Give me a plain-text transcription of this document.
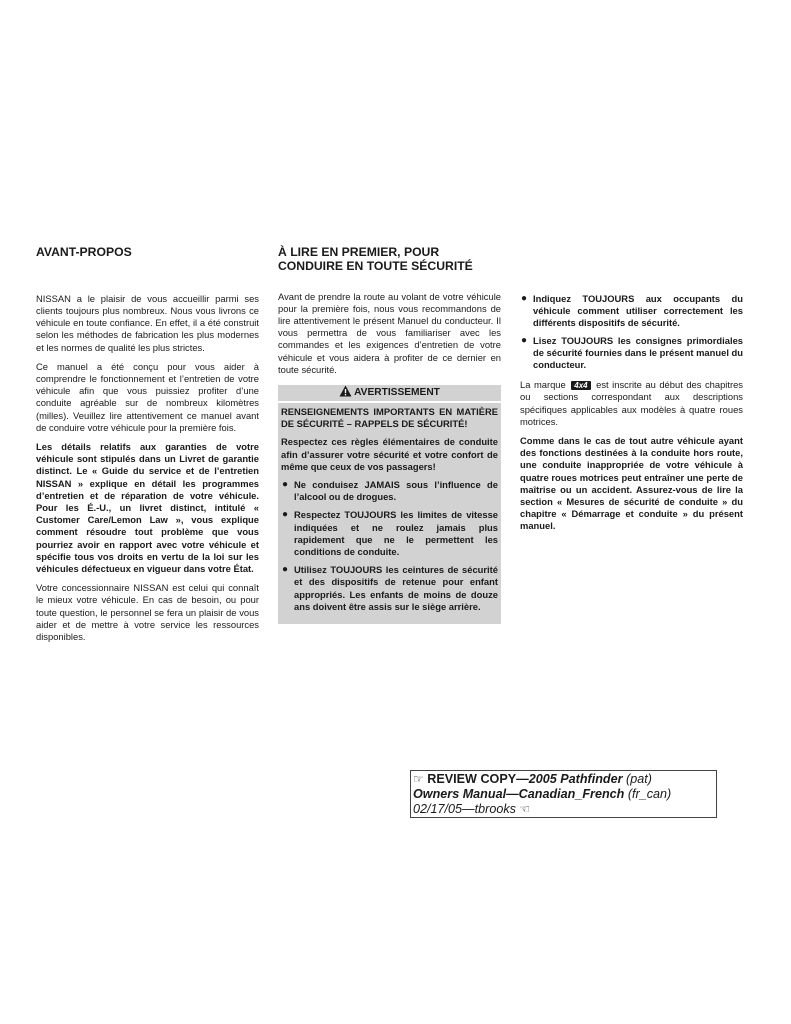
AVANT-PROPOS

NISSAN a le plaisir de vous accueillir parmi ses clients toujours plus nombreux. Nous vous livrons ce véhicule en toute confiance. En effet, il a été construit selon les méthodes de fabrication les plus modernes et les normes de qualité les plus strictes.

Ce manuel a été conçu pour vous aider à comprendre le fonctionnement et l’entretien de votre véhicule afin que vous puissiez profiter d’une conduite agréable sur de nombreux kilomètres (milles). Veuillez lire attentivement ce manuel avant de conduire votre véhicule pour la première fois.

Les détails relatifs aux garanties de votre véhicule sont stipulés dans un Livret de garantie distinct. Le « Guide du service et de l’entretien NISSAN » explique en détail les programmes d’entretien et de réparation de votre véhicule. Pour les É.-U., un livret distinct, intitulé « Customer Care/Lemon Law », vous explique comment résoudre tout problème que vous pourriez avoir en rapport avec votre véhicule et spécifie tous vos droits en vertu de la loi sur les véhicules défectueux en vigueur dans votre État.

Votre concessionnaire NISSAN est celui qui connaît le mieux votre véhicule. En cas de besoin, ou pour toute question, le personnel se fera un plaisir de vous aider et de mettre à votre service les ressources disponibles.

À LIRE EN PREMIER, POUR CONDUIRE EN TOUTE SÉCURITÉ

Avant de prendre la route au volant de votre véhicule pour la première fois, nous vous recommandons de lire attentivement le présent Manuel du conducteur. Il vous permettra de vous familiariser avec les commandes et les exigences d’entretien de votre véhicule et vous aidera à profiter de ce dernier en toute sécurité.

AVERTISSEMENT

RENSEIGNEMENTS IMPORTANTS EN MATIÈRE DE SÉCURITÉ – RAPPELS DE SÉCURITÉ!

Respectez ces règles élémentaires de conduite afin d’assurer votre sécurité et votre confort de même que ceux de vos passagers!

● Ne conduisez JAMAIS sous l’influence de l’alcool ou de drogues.
● Respectez TOUJOURS les limites de vitesse indiquées et ne roulez jamais plus rapidement que ne le permettent les conditions de conduite.
● Utilisez TOUJOURS les ceintures de sécurité et des dispositifs de retenue pour enfant appropriés. Les enfants de moins de douze ans doivent être assis sur le siège arrière.
● Indiquez TOUJOURS aux occupants du véhicule comment utiliser correctement les différents dispositifs de sécurité.
● Lisez TOUJOURS les consignes primordiales de sécurité fournies dans le présent manuel du conducteur.

La marque 4x4 est inscrite au début des chapitres ou sections correspondant aux descriptions spécifiques applicables aux modèles à quatre roues motrices.

Comme dans le cas de tout autre véhicule ayant des fonctions destinées à la conduite hors route, une conduite inappropriée de votre véhicule à quatre roues motrices peut entraîner une perte de maîtrise ou un accident. Assurez-vous de lire la section « Mesures de sécurité de conduite » du chapitre « Démarrage et conduite » du présent manuel.

☞ REVIEW COPY—2005 Pathfinder (pat)
Owners Manual—Canadian_French (fr_can)
02/17/05—tbrooks ☜
